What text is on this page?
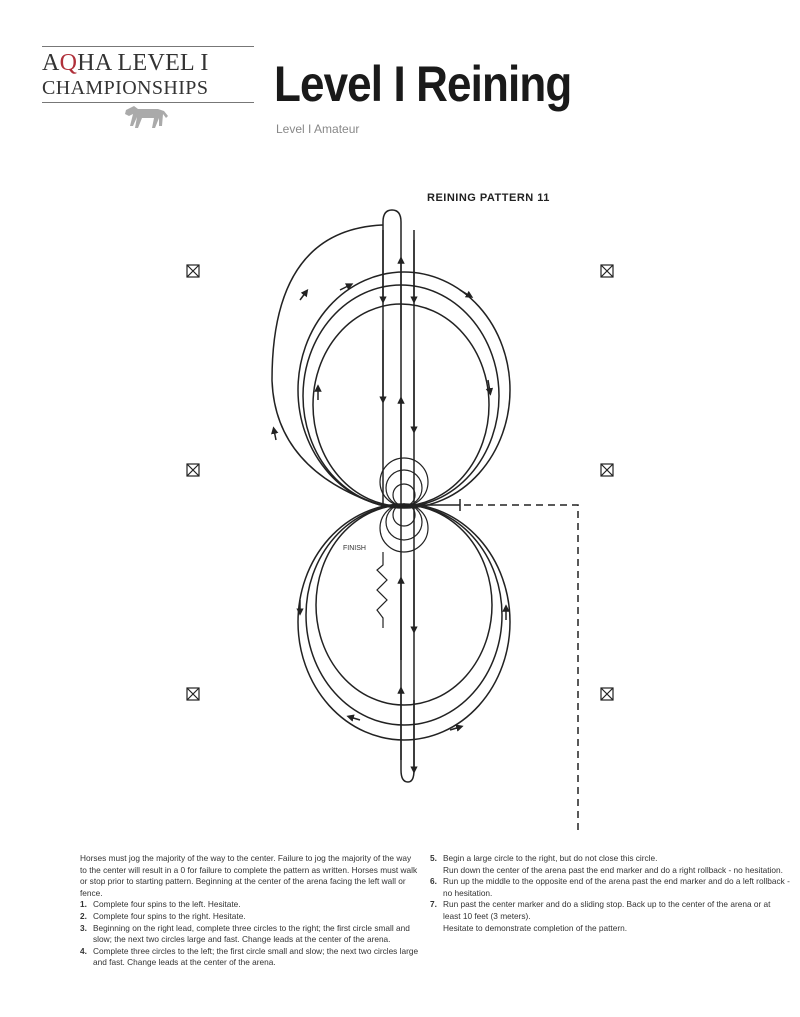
AQHA LEVEL I
CHAMPIONSHIPS	Level I Reining
Level I Amateur
REINING PATTERN 11
FINISH

Horses must jog the majority of the way to the center. Failure to jog the majority of the way to the center will result in a 0 for failure to complete the pattern as written. Horses must walk or stop prior to starting pattern. Beginning at the center of the arena facing the left wall or fence.

1. Complete four spins to the left. Hesitate.
2. Complete four spins to the right. Hesitate.
3. Beginning on the right lead, complete three circles to the right; the first circle small and slow; the next two circles large and fast. Change leads at the center of the arena.
4. Complete three circles to the left; the first circle small and slow; the next two circles large and fast. Change leads at the center of the arena.
5. Begin a large circle to the right, but do not close this circle.

Run down the center of the arena past the end marker and do a right rollback - no hesitation.

6. Run up the middle to the opposite end of the arena past the end marker and do a left rollback - no hesitation.
7. Run past the center marker and do a sliding stop. Back up to the center of the arena or at least 10 feet (3 meters).

Hesitate to demonstrate completion of the pattern.
